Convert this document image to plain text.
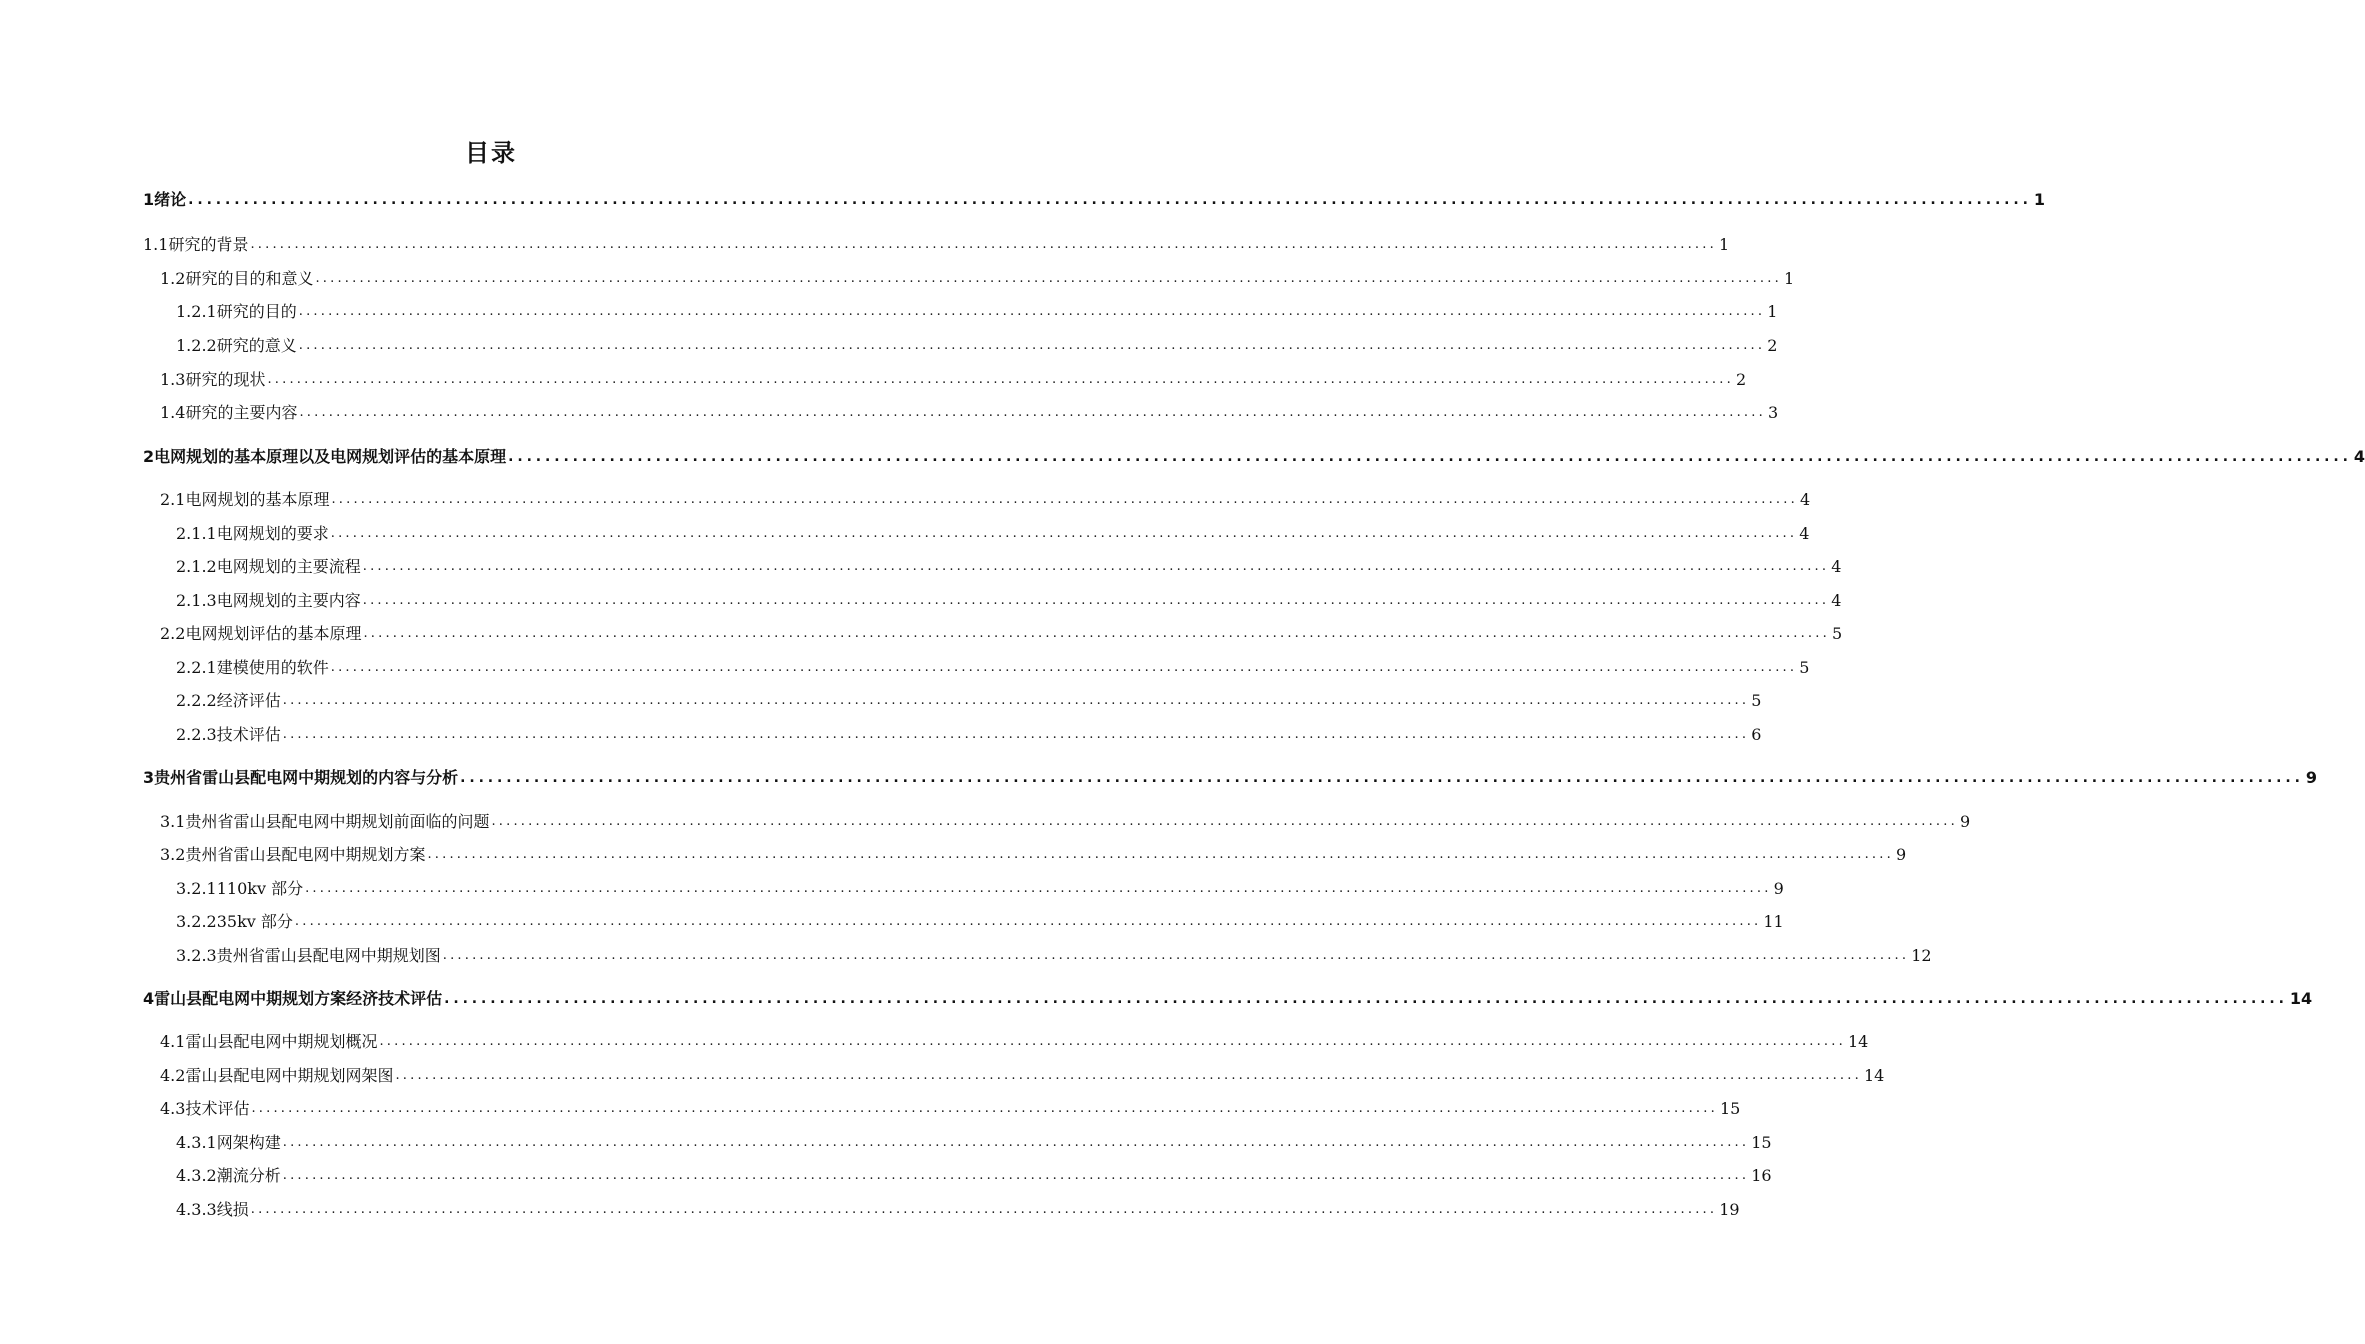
目录
1 绪论 ........................................................................................................................................................................................................ 1
1.1 研究的背景 ........................................................................................................................................................................................................ 1
1.2 研究的目的和意义 ........................................................................................................................................................................................................ 1
1.2.1 研究的目的 ........................................................................................................................................................................................................ 1
1.2.2 研究的意义 ........................................................................................................................................................................................................ 2
1.3 研究的现状 ........................................................................................................................................................................................................ 2
1.4 研究的主要内容 ........................................................................................................................................................................................................ 3
2 电网规划的基本原理以及电网规划评估的基本原理 ........................................................................................................................................................................................................ 4
2.1 电网规划的基本原理 ........................................................................................................................................................................................................ 4
2.1.1 电网规划的要求 ........................................................................................................................................................................................................ 4
2.1.2 电网规划的主要流程 ........................................................................................................................................................................................................ 4
2.1.3 电网规划的主要内容 ........................................................................................................................................................................................................ 4
2.2 电网规划评估的基本原理 ........................................................................................................................................................................................................ 5
2.2.1 建模使用的软件 ........................................................................................................................................................................................................ 5
2.2.2 经济评估 ........................................................................................................................................................................................................ 5
2.2.3 技术评估 ........................................................................................................................................................................................................ 6
3 贵州省雷山县配电网中期规划的内容与分析 ........................................................................................................................................................................................................ 9
3.1 贵州省雷山县配电网中期规划前面临的问题 ........................................................................................................................................................................................................ 9
3.2 贵州省雷山县配电网中期规划方案 ........................................................................................................................................................................................................ 9
3.2.1 110kv 部分 ........................................................................................................................................................................................................ 9
3.2.2 35kv 部分 ........................................................................................................................................................................................................ 11
3.2.3 贵州省雷山县配电网中期规划图 ........................................................................................................................................................................................................ 12
4 雷山县配电网中期规划方案经济技术评估 ........................................................................................................................................................................................................ 14
4.1 雷山县配电网中期规划概况 ........................................................................................................................................................................................................ 14
4.2 雷山县配电网中期规划网架图 ........................................................................................................................................................................................................ 14
4.3 技术评估 ........................................................................................................................................................................................................ 15
4.3.1 网架构建 ........................................................................................................................................................................................................ 15
4.3.2 潮流分析 ........................................................................................................................................................................................................ 16
4.3.3 线损 ........................................................................................................................................................................................................ 19
